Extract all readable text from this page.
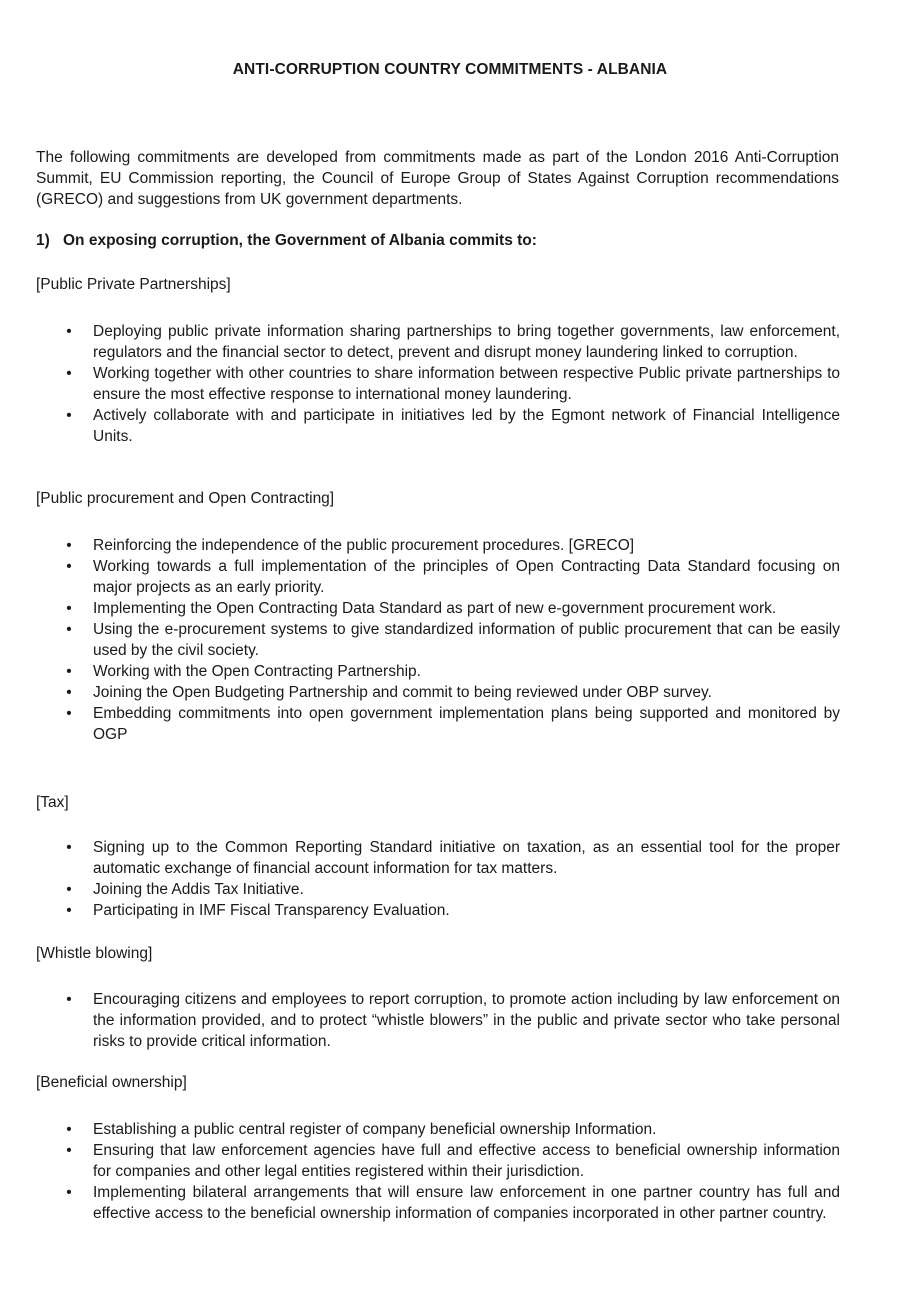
ANTI-CORRUPTION COUNTRY COMMITMENTS - ALBANIA
The following commitments are developed from commitments made as part of the London 2016 Anti-Corruption Summit, EU Commission reporting, the Council of Europe Group of States Against Corruption recommendations (GRECO) and suggestions from UK government departments.
1) On exposing corruption, the Government of Albania commits to:
[Public Private Partnerships]
• Deploying public private information sharing partnerships to bring together governments, law enforcement, regulators and the financial sector to detect, prevent and disrupt money laundering linked to corruption.
• Working together with other countries to share information between respective Public private partnerships to ensure the most effective response to international money laundering.
• Actively collaborate with and participate in initiatives led by the Egmont network of Financial Intelligence Units.
[Public procurement and Open Contracting]
• Reinforcing the independence of the public procurement procedures. [GRECO]
• Working towards a full implementation of the principles of Open Contracting Data Standard focusing on major projects as an early priority.
• Implementing the Open Contracting Data Standard as part of new e-government procurement work.
• Using the e-procurement systems to give standardized information of public procurement that can be easily used by the civil society.
• Working with the Open Contracting Partnership.
• Joining the Open Budgeting Partnership and commit to being reviewed under OBP survey.
• Embedding commitments into open government implementation plans being supported and monitored by OGP
[Tax]
• Signing up to the Common Reporting Standard initiative on taxation, as an essential tool for the proper automatic exchange of financial account information for tax matters.
• Joining the Addis Tax Initiative.
• Participating in IMF Fiscal Transparency Evaluation.
[Whistle blowing]
• Encouraging citizens and employees to report corruption, to promote action including by law enforcement on the information provided, and to protect “whistle blowers” in the public and private sector who take personal risks to provide critical information.
[Beneficial ownership]
• Establishing a public central register of company beneficial ownership Information.
• Ensuring that law enforcement agencies have full and effective access to beneficial ownership information for companies and other legal entities registered within their jurisdiction.
• Implementing bilateral arrangements that will ensure law enforcement in one partner country has full and effective access to the beneficial ownership information of companies incorporated in other partner country.
